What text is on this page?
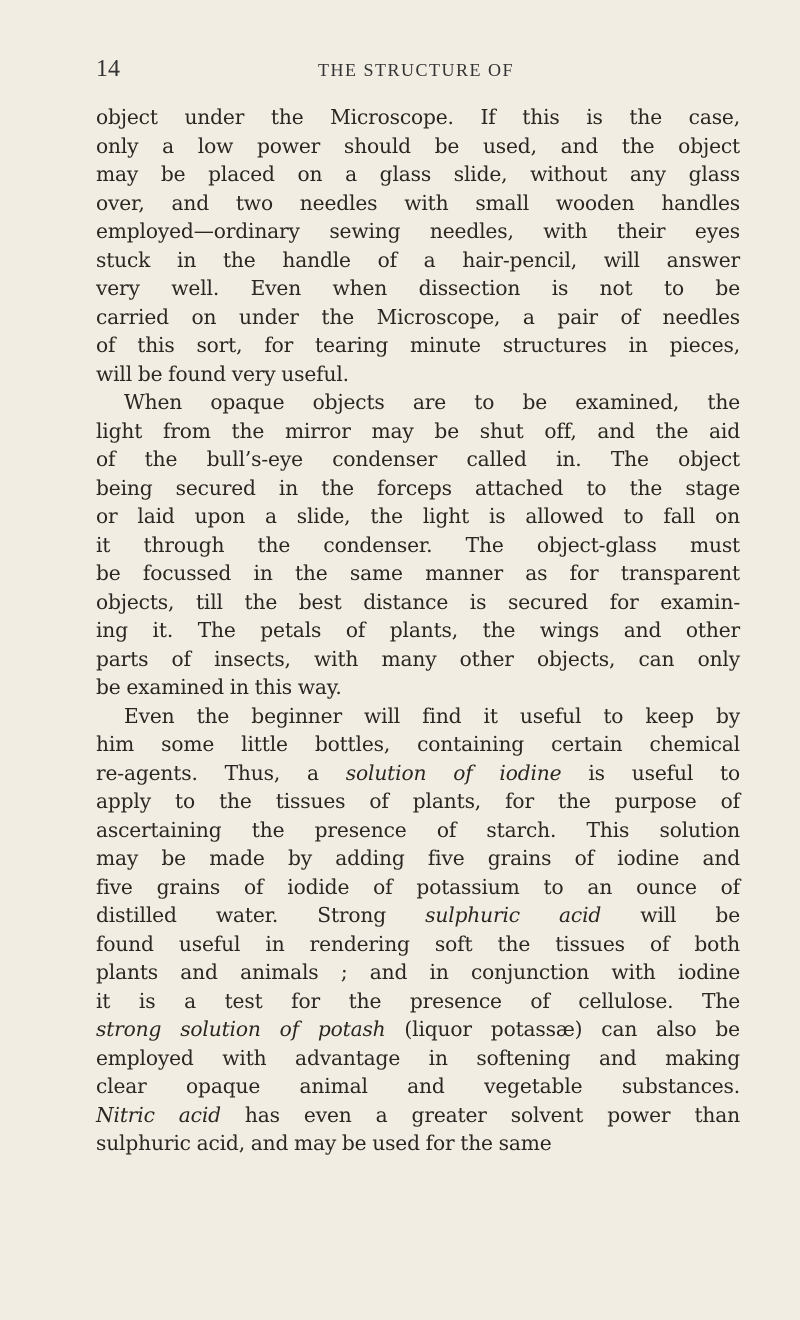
14	THE STRUCTURE OF
object under the Microscope. If this is the case,
only a low power should be used, and the object
may be placed on a glass slide, without any glass
over, and two needles with small wooden handles
employed—ordinary sewing needles, with their eyes
stuck in the handle of a hair-pencil, will answer
very well. Even when dissection is not to be
carried on under the Microscope, a pair of needles
of this sort, for tearing minute structures in pieces,
will be found very useful.
When opaque objects are to be examined, the
light from the mirror may be shut off, and the aid
of the bull’s-eye condenser called in. The object
being secured in the forceps attached to the stage
or laid upon a slide, the light is allowed to fall on
it through the condenser. The object-glass must
be focussed in the same manner as for transparent
objects, till the best distance is secured for examin-
ing it. The petals of plants, the wings and other
parts of insects, with many other objects, can only
be examined in this way.
Even the beginner will find it useful to keep by
him some little bottles, containing certain chemical
re-agents. Thus, a solution of iodine is useful to
apply to the tissues of plants, for the purpose of
ascertaining the presence of starch. This solution
may be made by adding five grains of iodine and
five grains of iodide of potassium to an ounce of
distilled water. Strong sulphuric acid will be
found useful in rendering soft the tissues of both
plants and animals ; and in conjunction with iodine
it is a test for the presence of cellulose. The
strong solution of potash (liquor potassæ) can also be
employed with advantage in softening and making
clear opaque animal and vegetable substances.
Nitric acid has even a greater solvent power than
sulphuric acid, and may be used for the same
